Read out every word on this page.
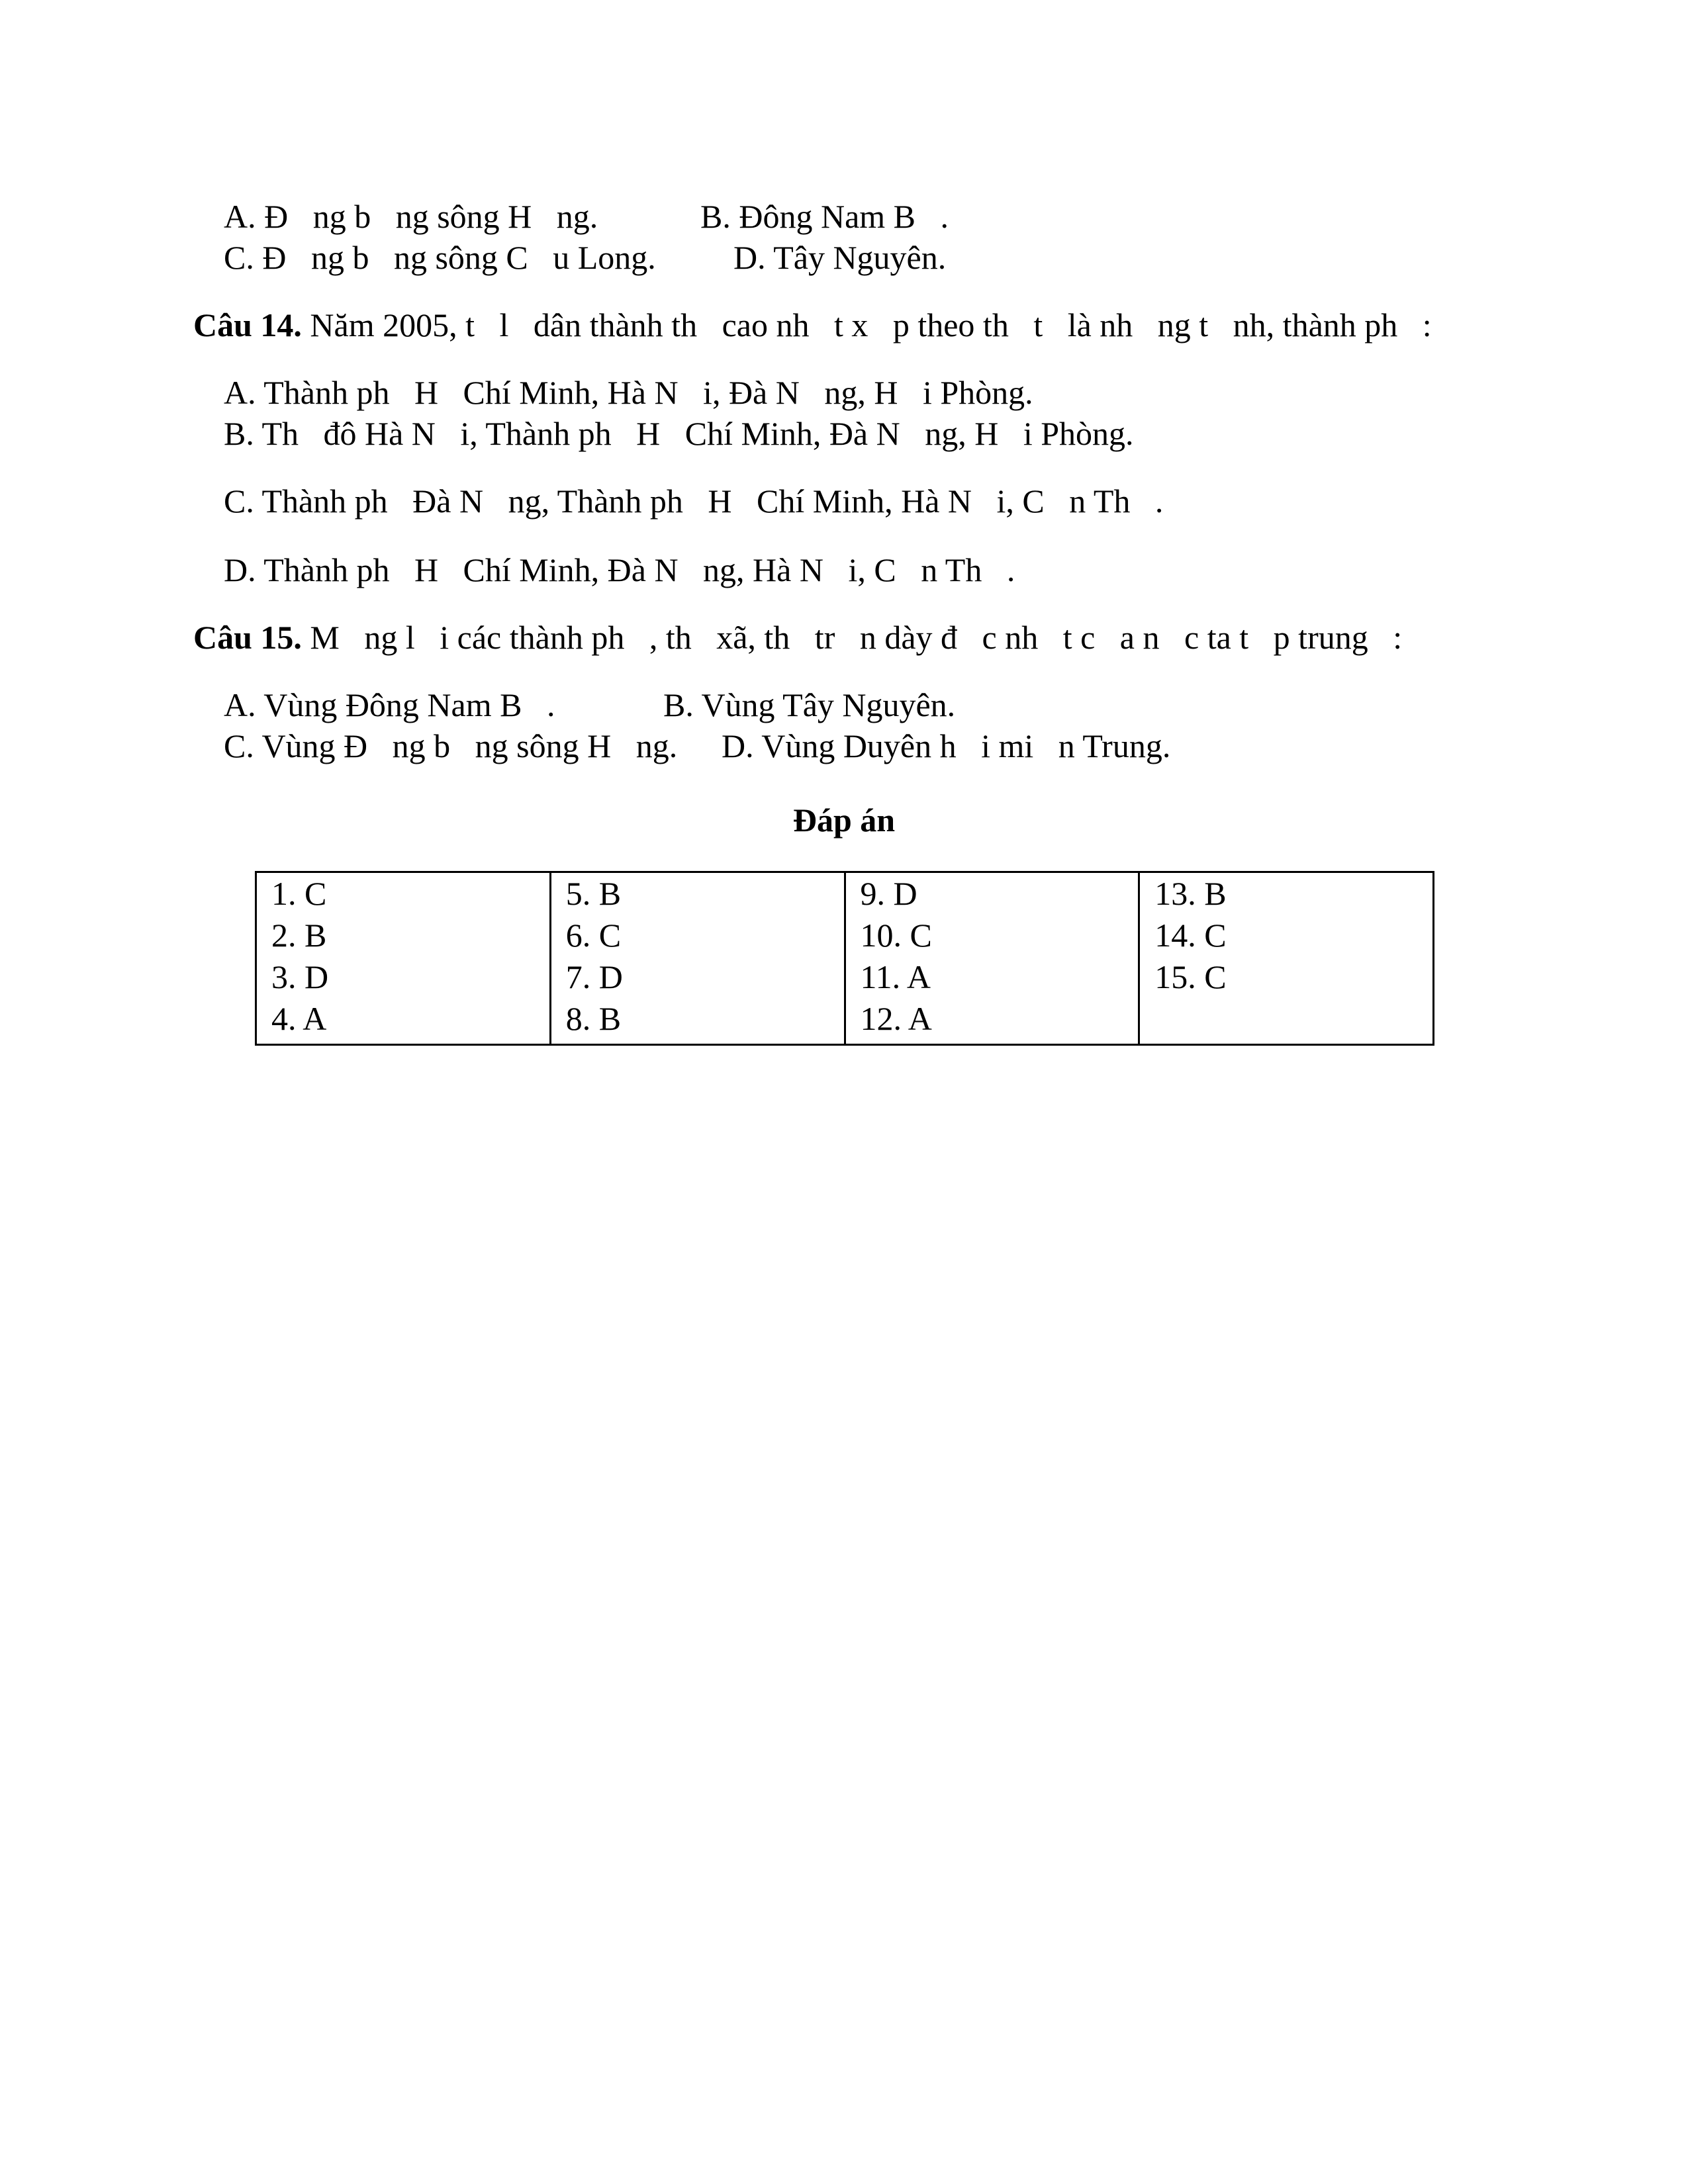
A. Đ   ng b   ng sông H   ng.	B. Đông Nam B   .
C. Đ   ng b   ng sông C   u Long. D. Tây Nguyên.
Câu 14. Năm 2005, t   l   dân thành th   cao nh   t x   p theo th   t   là nh   ng t   nh, thành ph   :
A. Thành ph   H   Chí Minh, Hà N   i, Đà N   ng, H   i Phòng.
B. Th   đô Hà N   i, Thành ph   H   Chí Minh, Đà N   ng, H   i Phòng.
C. Thành ph   Đà N   ng, Thành ph   H   Chí Minh, Hà N   i, C   n Th   .
D. Thành ph   H   Chí Minh, Đà N   ng, Hà N   i, C   n Th   .
Câu 15. M   ng l   i các thành ph   , th   xã, th   tr   n dày đ   c nh   t c   a n   c ta t   p trung   :
A. Vùng Đông Nam B   .	B. Vùng Tây Nguyên.
C. Vùng Đ   ng b   ng sông H   ng. D. Vùng Duyên h   i mi   n Trung.
Đáp án
1. C
2. B
3. D
4. A

5. B
6. C
7. D
8. B

9. D
10. C
11. A
12. A

13. B
14. C
15. C
